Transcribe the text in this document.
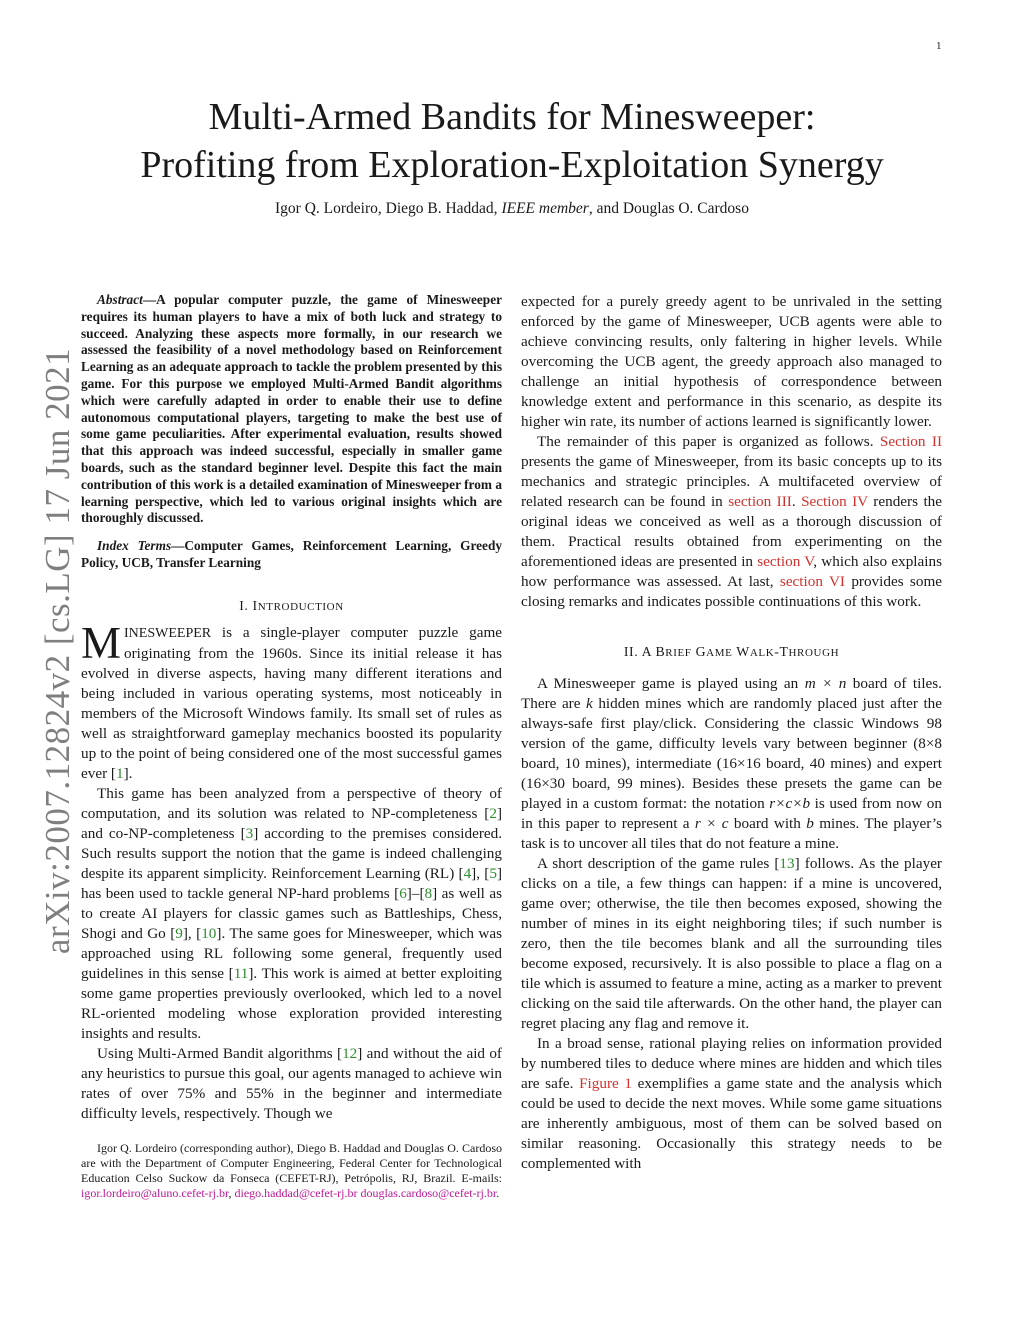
1
arXiv:2007.12824v2 [cs.LG] 17 Jun 2021
Multi-Armed Bandits for Minesweeper:
Profiting from Exploration-Exploitation Synergy
Igor Q. Lordeiro, Diego B. Haddad, IEEE member, and Douglas O. Cardoso

Abstract—A popular computer puzzle, the game of Minesweeper requires its human players to have a mix of both luck and strategy to succeed. Analyzing these aspects more formally, in our research we assessed the feasibility of a novel methodology based on Reinforcement Learning as an adequate approach to tackle the problem presented by this game. For this purpose we employed Multi-Armed Bandit algorithms which were carefully adapted in order to enable their use to define autonomous computational players, targeting to make the best use of some game peculiarities. After experimental evaluation, results showed that this approach was indeed successful, especially in smaller game boards, such as the standard beginner level. Despite this fact the main contribution of this work is a detailed examination of Minesweeper from a learning perspective, which led to various original insights which are thoroughly discussed.

Index Terms—Computer Games, Reinforcement Learning, Greedy Policy, UCB, Transfer Learning

I. INTRODUCTION

MINESWEEPER is a single-player computer puzzle game originating from the 1960s. Since its initial release it has evolved in diverse aspects, having many different iterations and being included in various operating systems, most noticeably in members of the Microsoft Windows family. Its small set of rules as well as straightforward gameplay mechanics boosted its popularity up to the point of being considered one of the most successful games ever [1].

This game has been analyzed from a perspective of theory of computation, and its solution was related to NP-completeness [2] and co-NP-completeness [3] according to the premises considered. Such results support the notion that the game is indeed challenging despite its apparent simplicity. Reinforcement Learning (RL) [4], [5] has been used to tackle general NP-hard problems [6]–[8] as well as to create AI players for classic games such as Battleships, Chess, Shogi and Go [9], [10]. The same goes for Minesweeper, which was approached using RL following some general, frequently used guidelines in this sense [11]. This work is aimed at better exploiting some game properties previously overlooked, which led to a novel RL-oriented modeling whose exploration provided interesting insights and results.

Using Multi-Armed Bandit algorithms [12] and without the aid of any heuristics to pursue this goal, our agents managed to achieve win rates of over 75% and 55% in the beginner and intermediate difficulty levels, respectively. Though we

Igor Q. Lordeiro (corresponding author), Diego B. Haddad and Douglas O. Cardoso are with the Department of Computer Engineering, Federal Center for Technological Education Celso Suckow da Fonseca (CEFET-RJ), Petrópolis, RJ, Brazil. E-mails: igor.lordeiro@aluno.cefet-rj.br, diego.haddad@cefet-rj.br douglas.cardoso@cefet-rj.br.

expected for a purely greedy agent to be unrivaled in the setting enforced by the game of Minesweeper, UCB agents were able to achieve convincing results, only faltering in higher levels. While overcoming the UCB agent, the greedy approach also managed to challenge an initial hypothesis of correspondence between knowledge extent and performance in this scenario, as despite its higher win rate, its number of actions learned is significantly lower.

The remainder of this paper is organized as follows. Section II presents the game of Minesweeper, from its basic concepts up to its mechanics and strategic principles. A multifaceted overview of related research can be found in section III. Section IV renders the original ideas we conceived as well as a thorough discussion of them. Practical results obtained from experimenting on the aforementioned ideas are presented in section V, which also explains how performance was assessed. At last, section VI provides some closing remarks and indicates possible continuations of this work.

II. A BRIEF GAME WALK-THROUGH

A Minesweeper game is played using an m × n board of tiles. There are k hidden mines which are randomly placed just after the always-safe first play/click. Considering the classic Windows 98 version of the game, difficulty levels vary between beginner (8×8 board, 10 mines), intermediate (16×16 board, 40 mines) and expert (16×30 board, 99 mines). Besides these presets the game can be played in a custom format: the notation r×c×b is used from now on in this paper to represent a r × c board with b mines. The player’s task is to uncover all tiles that do not feature a mine.

A short description of the game rules [13] follows. As the player clicks on a tile, a few things can happen: if a mine is uncovered, game over; otherwise, the tile then becomes exposed, showing the number of mines in its eight neighboring tiles; if such number is zero, then the tile becomes blank and all the surrounding tiles become exposed, recursively. It is also possible to place a flag on a tile which is assumed to feature a mine, acting as a marker to prevent clicking on the said tile afterwards. On the other hand, the player can regret placing any flag and remove it.

In a broad sense, rational playing relies on information provided by numbered tiles to deduce where mines are hidden and which tiles are safe. Figure 1 exemplifies a game state and the analysis which could be used to decide the next moves. While some game situations are inherently ambiguous, most of them can be solved based on similar reasoning. Occasionally this strategy needs to be complemented with
